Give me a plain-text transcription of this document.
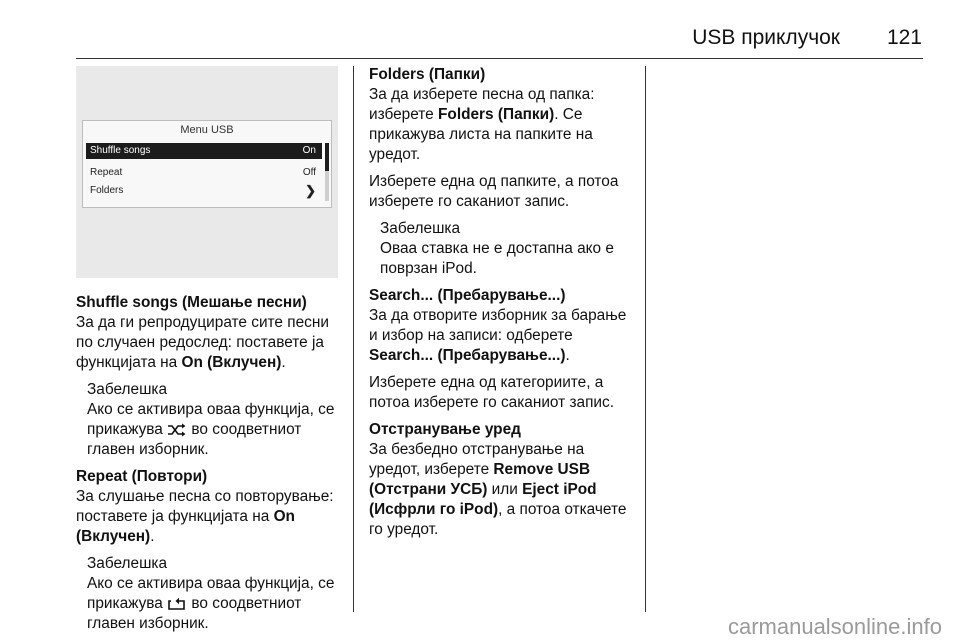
USB приклучок 121
Menu USB
Shuffle songs	On
Repeat	Off
Folders	❯

Shuffle songs (Мешање песни)

За да ги репродуцирате сите песни по случаен редослед: поставете ја функцијата на On (Вклучен).

Забелешка
Ако се активира оваа функција, се прикажува
во соодветниот главен изборник.

Repeat (Повтори)

За слушање песна со повторување: поставете ја функцијата на On (Вклучен).

Забелешка
Ако се активира оваа функција, се прикажува
во соодветниот главен изборник.

Folders (Папки)

За да изберете песна од папка: изберете Folders (Папки). Се прикажува листа на папките на уредот.

Изберете една од папките, а потоа изберете го саканиот запис.

Забелешка
Оваа ставка не е достапна ако е поврзан iPod.

Search... (Пребарување...)

За да отворите изборник за барање и избор на записи: одберете Search... (Пребарување...).

Изберете една од категориите, а потоа изберете го саканиот запис.

Отстранување уред

За безбедно отстранување на уредот, изберете Remove USB (Отстрани УСБ) или Eject iPod (Исфрли го iPod), а потоа откачете го уредот.

carmanualsonline.info
